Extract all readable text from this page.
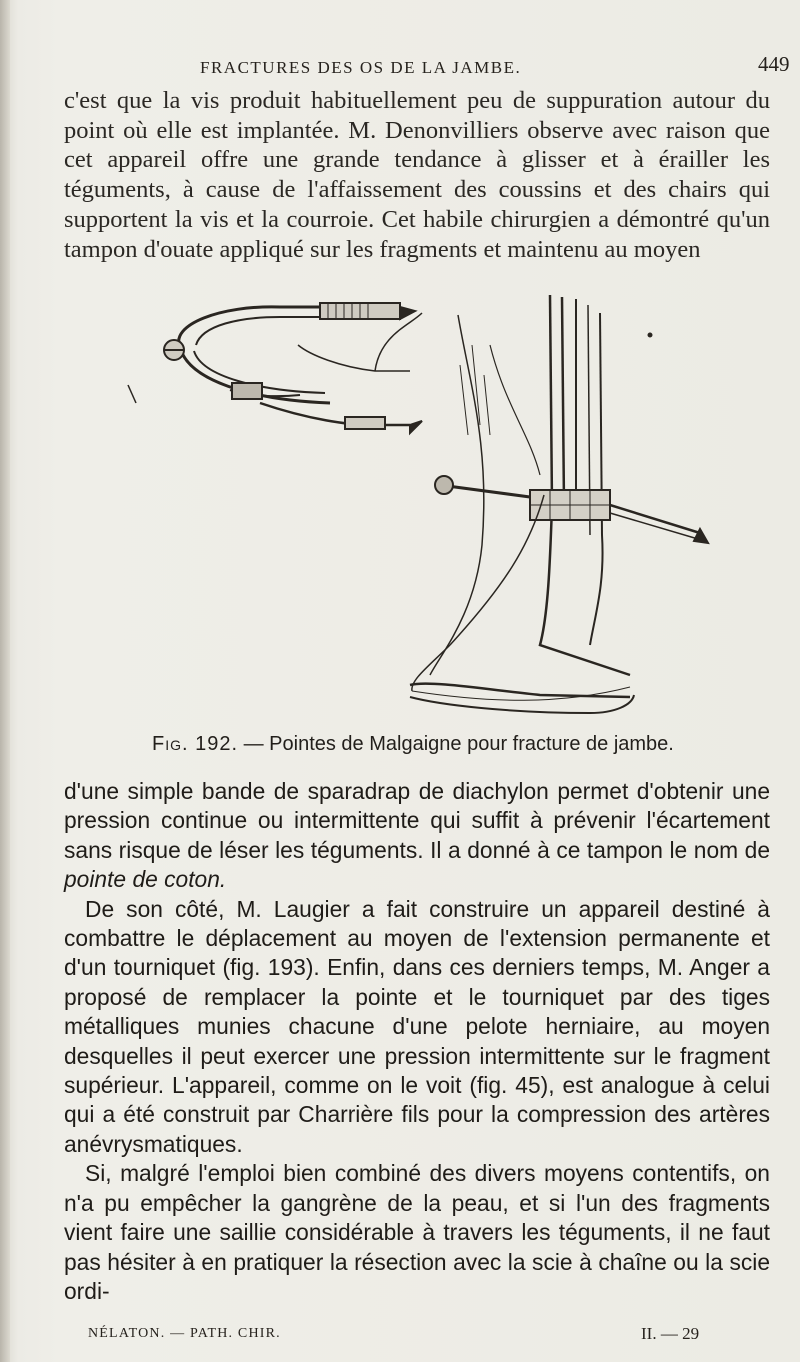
FRACTURES DES OS DE LA JAMBE.	449

c'est que la vis produit habituellement peu de suppuration autour du point où elle est implantée. M. Denonvilliers observe avec raison que cet appareil offre une grande tendance à glisser et à érailler les téguments, à cause de l'affaissement des coussins et des chairs qui supportent la vis et la courroie. Cet habile chirurgien a démontré qu'un tampon d'ouate appliqué sur les fragments et maintenu au moyen

Fig. 192. — Pointes de Malgaigne pour fracture de jambe.

d'une simple bande de sparadrap de diachylon permet d'obtenir une pression continue ou intermittente qui suffit à prévenir l'écartement sans risque de léser les téguments. Il a donné à ce tampon le nom de pointe de coton.

De son côté, M. Laugier a fait construire un appareil destiné à combattre le déplacement au moyen de l'extension permanente et d'un tourniquet (fig. 193). Enfin, dans ces derniers temps, M. Anger a proposé de remplacer la pointe et le tourniquet par des tiges métalliques munies chacune d'une pelote herniaire, au moyen desquelles il peut exercer une pression intermittente sur le fragment supérieur. L'appareil, comme on le voit (fig. 45), est analogue à celui qui a été construit par Charrière fils pour la compression des artères anévrysmatiques.

Si, malgré l'emploi bien combiné des divers moyens contentifs, on n'a pu empêcher la gangrène de la peau, et si l'un des fragments vient faire une saillie considérable à travers les téguments, il ne faut pas hésiter à en pratiquer la résection avec la scie à chaîne ou la scie ordi-

NÉLATON. — PATH. CHIR.	II. — 29
